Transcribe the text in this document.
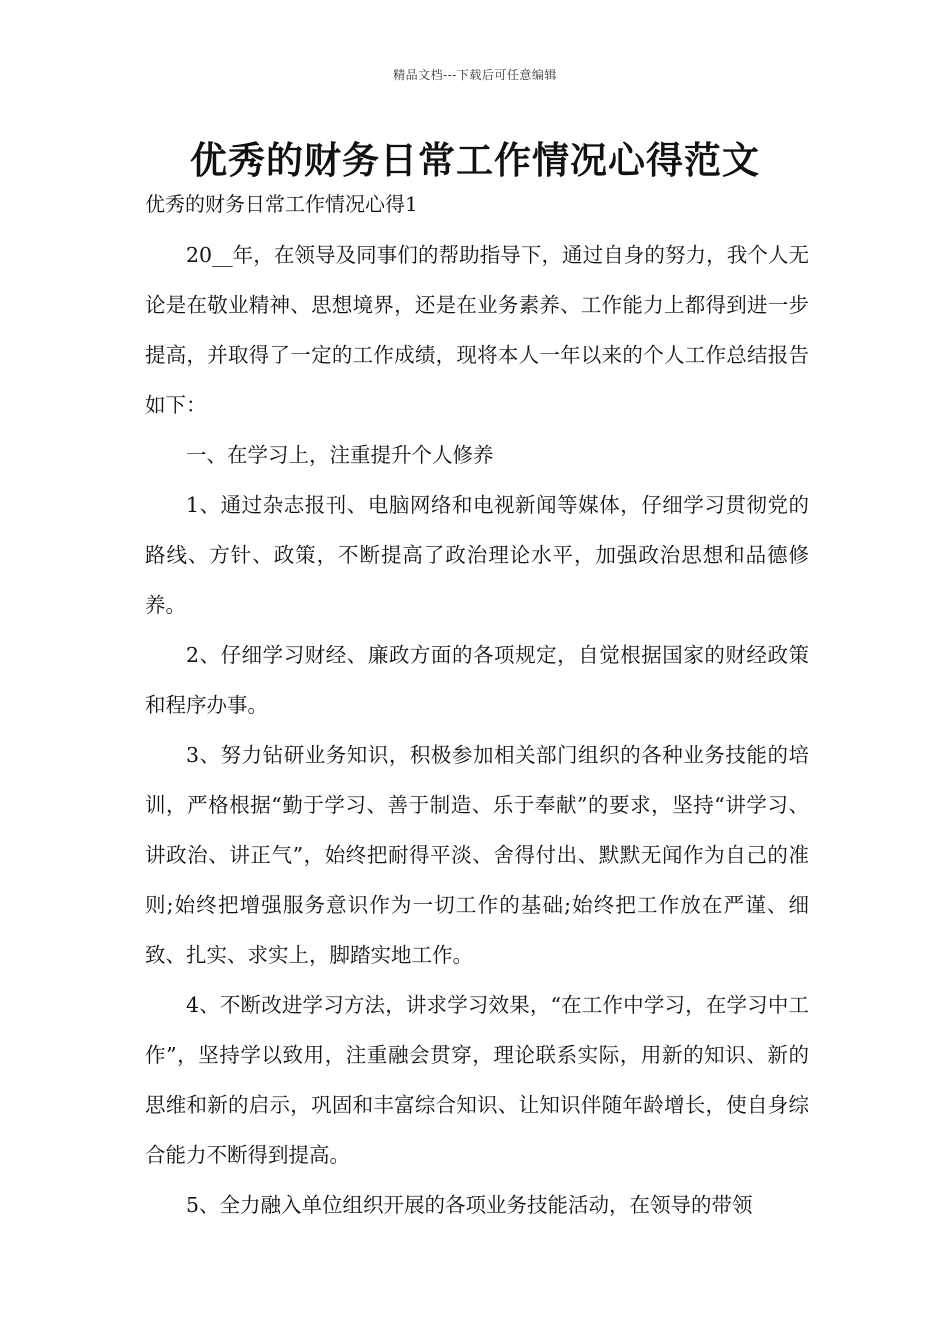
精品文档---下载后可任意编辑
优秀的财务日常工作情况心得范文

优秀的财务日常工作情况心得1

20__年，在领导及同事们的帮助指导下，通过自身的努力，我个人无论是在敬业精神、思想境界，还是在业务素养、工作能力上都得到进一步提高，并取得了一定的工作成绩，现将本人一年以来的个人工作总结报告如下：

一、在学习上，注重提升个人修养

1、通过杂志报刊、电脑网络和电视新闻等媒体，仔细学习贯彻党的路线、方针、政策，不断提高了政治理论水平，加强政治思想和品德修养。

2、仔细学习财经、廉政方面的各项规定，自觉根据国家的财经政策和程序办事。

3、努力钻研业务知识，积极参加相关部门组织的各种业务技能的培训，严格根据“勤于学习、善于制造、乐于奉献”的要求，坚持“讲学习、讲政治、讲正气”，始终把耐得平淡、舍得付出、默默无闻作为自己的准则;始终把增强服务意识作为一切工作的基础;始终把工作放在严谨、细致、扎实、求实上，脚踏实地工作。

4、不断改进学习方法，讲求学习效果，“在工作中学习，在学习中工作”，坚持学以致用，注重融会贯穿，理论联系实际，用新的知识、新的思维和新的启示，巩固和丰富综合知识、让知识伴随年龄增长，使自身综合能力不断得到提高。

5、全力融入单位组织开展的各项业务技能活动，在领导的带领
